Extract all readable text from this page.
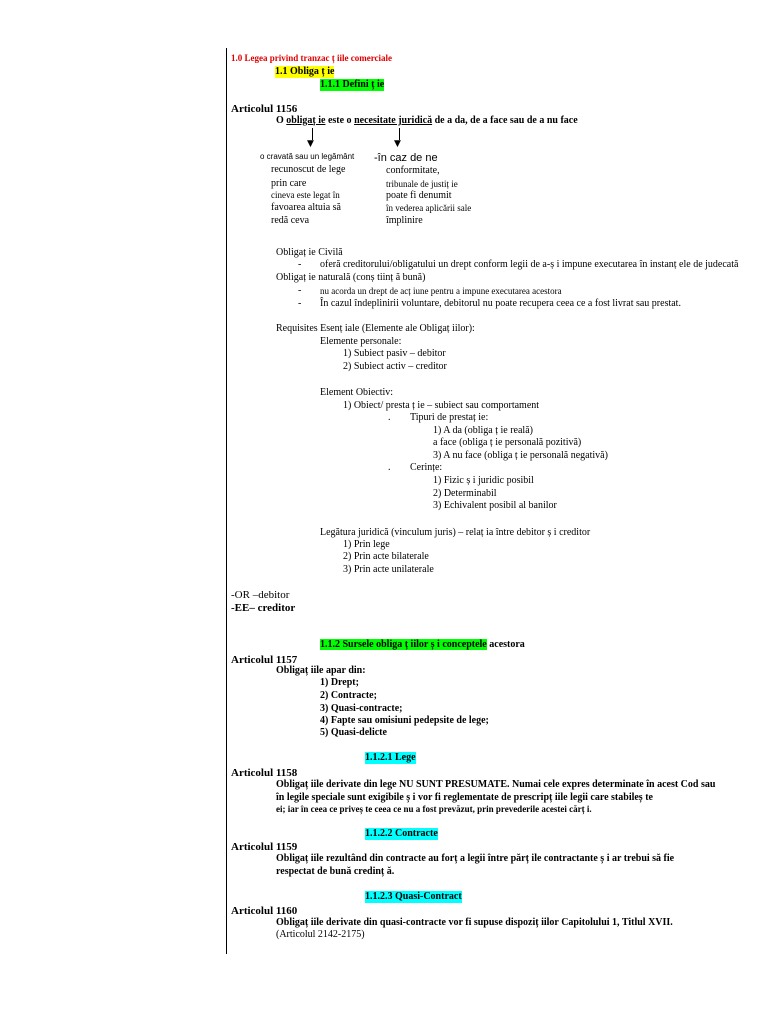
1.0 Legea privind tranzac ț iile comerciale
1.1 Obliga ț ie
1.1.1 Defini ț ie
Articolul 1156
O obligaț ie este o necesitate juridică de a da, de a face sau de a nu face
▼	▼
o cravată sau un legământ
recunoscut de lege
prin care
cineva este legat în
favoarea altuia să
redă ceva
-în caz de ne
conformitate,
tribunale de justiț ie
poate fi denumit
în vederea aplicării sale
împlinire
Obligaț ie Civilă
- oferă creditorului/obligatului un drept conform legii de a-ș i impune executarea în instanț ele de judecată
Obligaț ie naturală (conș tiinț ă bună)
- nu acorda un drept de acț iune pentru a impune executarea acestora
- În cazul îndeplinirii voluntare, debitorul nu poate recupera ceea ce a fost livrat sau prestat.
Requisites Esenț iale (Elemente ale Obligaț iilor):
Elemente personale:
1) Subiect pasiv – debitor
2) Subiect activ – creditor
Element Obiectiv:
1) Obiect/ presta ț ie – subiect sau comportament
. Tipuri de prestaț ie:
1) A da (obliga ț ie reală)
a face (obliga ț ie personală pozitivă)
3) A nu face (obliga ț ie personală negativă)
. Cerințe:
1) Fizic ș i juridic posibil
2) Determinabil
3) Echivalent posibil al banilor
Legătura juridică (vinculum juris) – relaț ia între debitor ș i creditor
1) Prin lege
2) Prin acte bilaterale
3) Prin acte unilaterale
-OR –debitor
-EE– creditor
1.1.2 Sursele obliga ț iilor ș i conceptele acestora
Articolul 1157
Obligaț iile apar din:
1) Drept;
2) Contracte;
3) Quasi-contracte;
4) Fapte sau omisiuni pedepsite de lege;
5) Quasi-delicte
1.1.2.1 Lege
Articolul 1158
Obligaț iile derivate din lege NU SUNT PRESUMATE. Numai cele expres determinate în acest Cod sau
în legile speciale sunt exigibile ș i vor fi reglementate de prescripț iile legii care stabileș te
ei; iar în ceea ce priveș te ceea ce nu a fost prevăzut, prin prevederile acestei cărț i.
1.1.2.2 Contracte
Articolul 1159
Obligaț iile rezultând din contracte au forț a legii între părț ile contractante ș i ar trebui să fie
respectat de bună credinț ă.
1.1.2.3 Quasi-Contract
Articolul 1160
Obligaț iile derivate din quasi-contracte vor fi supuse dispoziț iilor Capitolului 1, Titlul XVII.
(Articolul 2142-2175)
